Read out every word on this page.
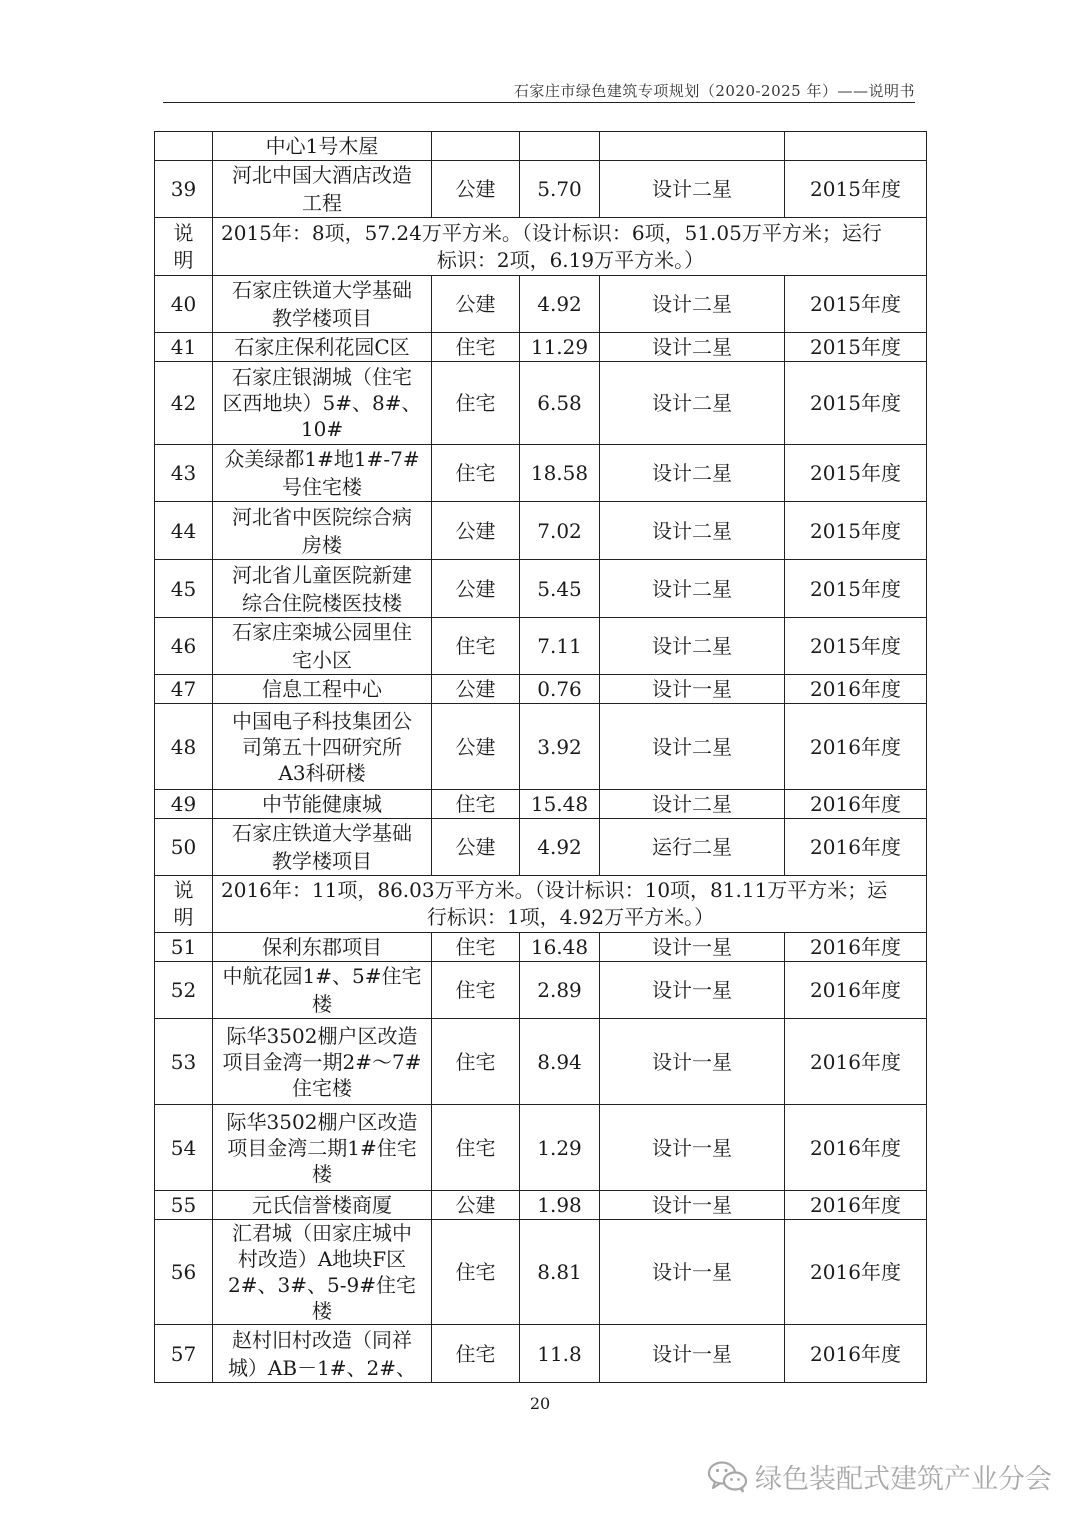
石家庄市绿色建筑专项规划（2020-2025 年）——说明书

	中心1号木屋				

39	河北中国大酒店改造
工程	公建	5.70	设计二星	2015年度

说
明	2015年：8项，57.24万平方米。（设计标识：6项，51.05万平方米；运行
标识：2项，6.19万平方米。）				

40	石家庄铁道大学基础
教学楼项目	公建	4.92	设计二星	2015年度
41	石家庄保利花园C区	住宅	11.29	设计二星	2015年度
42	石家庄银湖城（住宅
区西地块）5#、8#、
10#	住宅	6.58	设计二星	2015年度
43	众美绿都1#地1#-7#
号住宅楼	住宅	18.58	设计二星	2015年度
44	河北省中医院综合病
房楼	公建	7.02	设计二星	2015年度
45	河北省儿童医院新建
综合住院楼医技楼	公建	5.45	设计二星	2015年度
46	石家庄栾城公园里住
宅小区	住宅	7.11	设计二星	2015年度
47	信息工程中心	公建	0.76	设计一星	2016年度
48	中国电子科技集团公
司第五十四研究所
A3科研楼	公建	3.92	设计二星	2016年度
49	中节能健康城	住宅	15.48	设计二星	2016年度
50	石家庄铁道大学基础
教学楼项目	公建	4.92	运行二星	2016年度

说
明	2016年：11项，86.03万平方米。（设计标识：10项，81.11万平方米；运
行标识：1项，4.92万平方米。）				

51	保利东郡项目	住宅	16.48	设计一星	2016年度
52	中航花园1#、5#住宅
楼	住宅	2.89	设计一星	2016年度
53	际华3502棚户区改造
项目金湾一期2#～7#
住宅楼	住宅	8.94	设计一星	2016年度
54	际华3502棚户区改造
项目金湾二期1#住宅
楼	住宅	1.29	设计一星	2016年度
55	元氏信誉楼商厦	公建	1.98	设计一星	2016年度
56	汇君城（田家庄城中
村改造）A地块F区
2#、3#、5-9#住宅楼	住宅	8.81	设计一星	2016年度
57	赵村旧村改造（同祥
城）AB－1#、2#、	住宅	11.8	设计一星	2016年度
20
绿色装配式建筑产业分会
